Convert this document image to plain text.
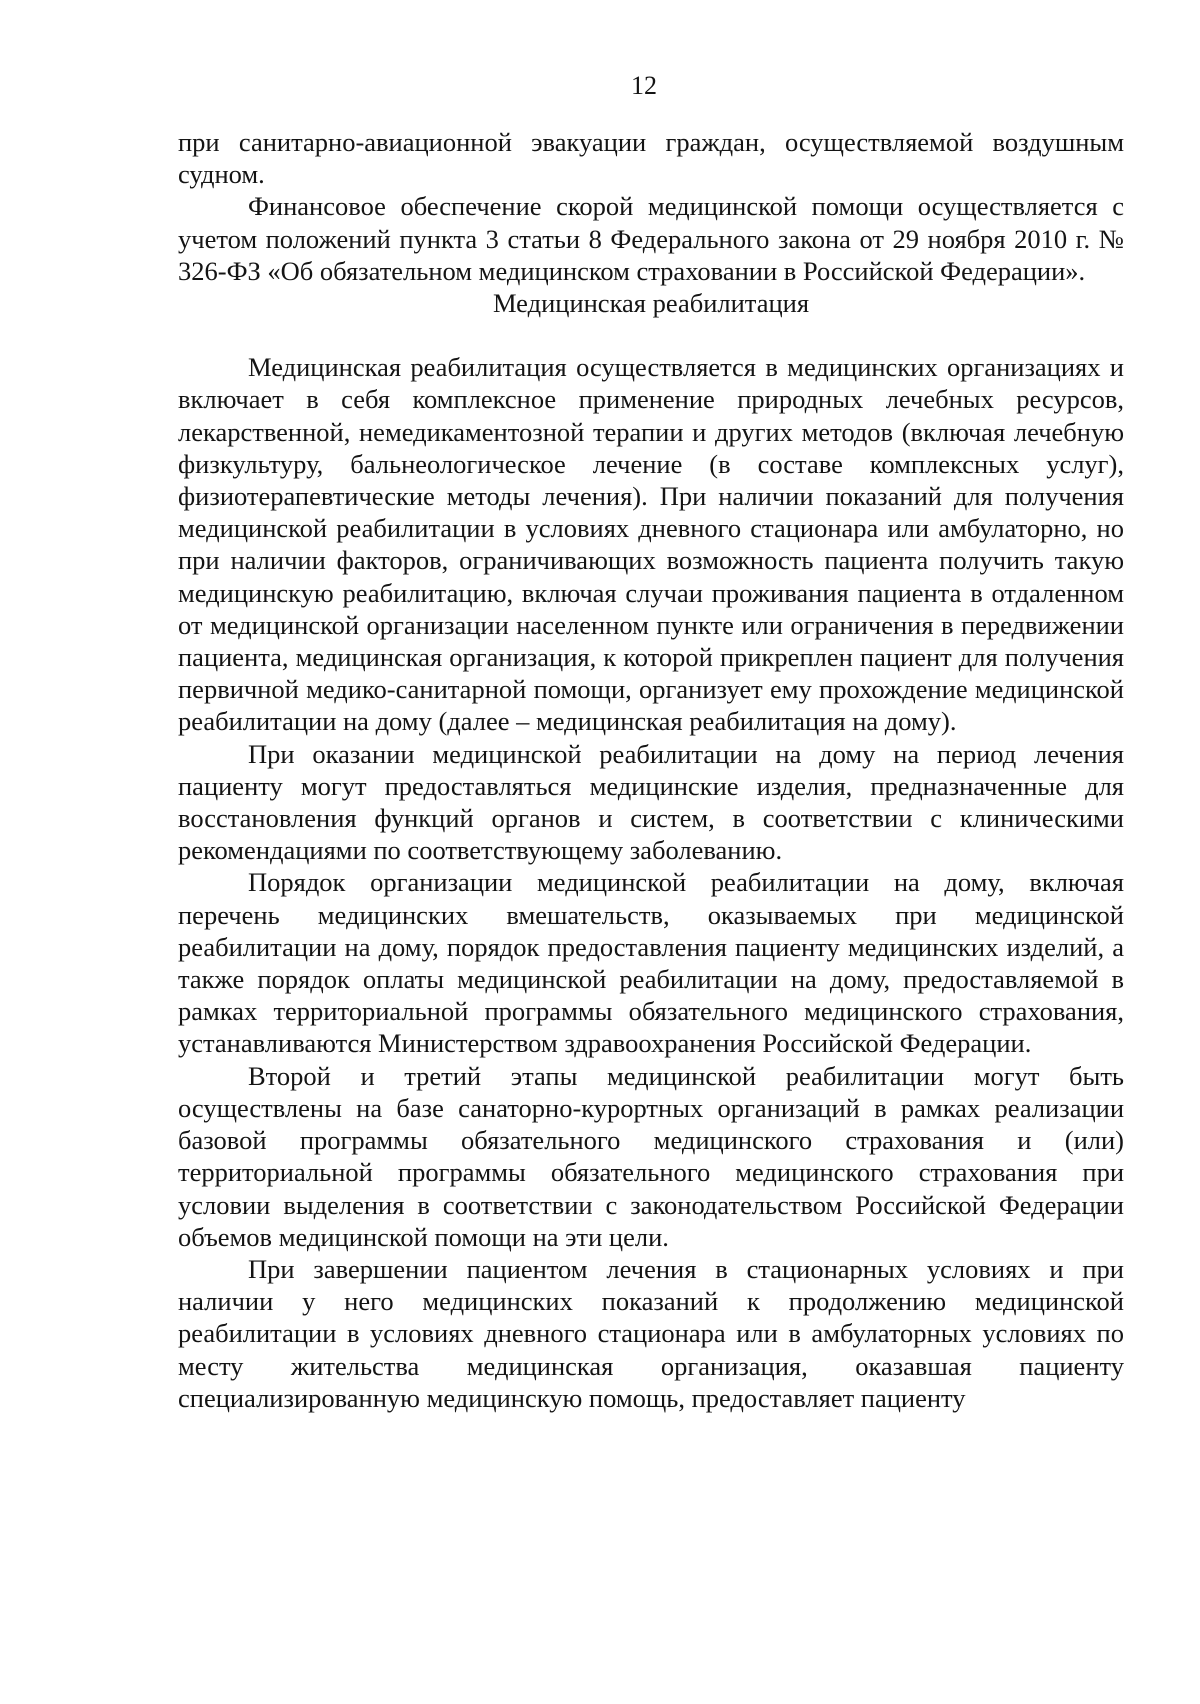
12

при санитарно-авиационной эвакуации граждан, осуществляемой воздушным судном.

Финансовое обеспечение скорой медицинской помощи осуществляется с учетом положений пункта 3 статьи 8 Федерального закона от 29 ноября 2010 г. № 326-ФЗ «Об обязательном медицинском страховании в Российской Федерации».

Медицинская реабилитация

Медицинская реабилитация осуществляется в медицинских организациях и включает в себя комплексное применение природных лечебных ресурсов, лекарственной, немедикаментозной терапии и других методов (включая лечебную физкультуру, бальнеологическое лечение (в составе комплексных услуг), физиотерапевтические методы лечения). При наличии показаний для получения медицинской реабилитации в условиях дневного стационара или амбулаторно, но при наличии факторов, ограничивающих возможность пациента получить такую медицинскую реабилитацию, включая случаи проживания пациента в отдаленном от медицинской организации населенном пункте или ограничения в передвижении пациента, медицинская организация, к которой прикреплен пациент для получения первичной медико-санитарной помощи, организует ему прохождение медицинской реабилитации на дому (далее – медицинская реабилитация на дому).

При оказании медицинской реабилитации на дому на период лечения пациенту могут предоставляться медицинские изделия, предназначенные для восстановления функций органов и систем, в соответствии с клиническими рекомендациями по соответствующему заболеванию.

Порядок организации медицинской реабилитации на дому, включая перечень медицинских вмешательств, оказываемых при медицинской реабилитации на дому, порядок предоставления пациенту медицинских изделий, а также порядок оплаты медицинской реабилитации на дому, предоставляемой в рамках территориальной программы обязательного медицинского страхования, устанавливаются Министерством здравоохранения Российской Федерации.

Второй и третий этапы медицинской реабилитации могут быть осуществлены на базе санаторно-курортных организаций в рамках реализации базовой программы обязательного медицинского страхования и (или) территориальной программы обязательного медицинского страхования при условии выделения в соответствии с законодательством Российской Федерации объемов медицинской помощи на эти цели.

При завершении пациентом лечения в стационарных условиях и при наличии у него медицинских показаний к продолжению медицинской реабилитации в условиях дневного стационара или в амбулаторных условиях по месту жительства медицинская организация, оказавшая пациенту специализированную медицинскую помощь, предоставляет пациенту
